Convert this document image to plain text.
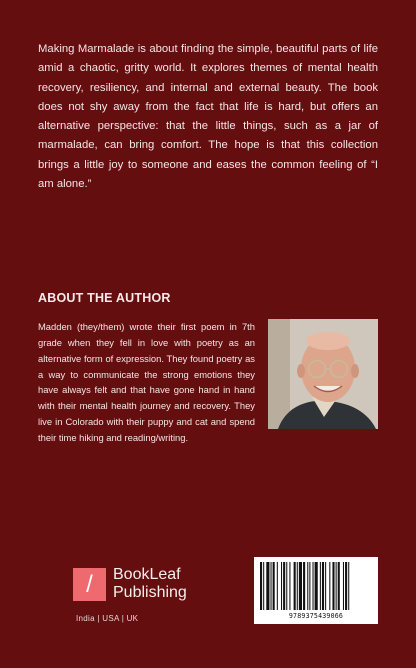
Making Marmalade is about finding the simple, beautiful parts of life amid a chaotic, gritty world. It explores themes of mental health recovery, resiliency, and internal and external beauty. The book does not shy away from the fact that life is hard, but offers an alternative perspective: that the little things, such as a jar of marmalade, can bring comfort. The hope is that this collection brings a little joy to someone and eases the common feeling of “I am alone.”

ABOUT THE AUTHOR

Madden (they/them) wrote their first poem in 7th grade when they fell in love with poetry as an alternative form of expression. They found poetry as a way to communicate the strong emotions they have always felt and that have gone hand in hand with their mental health journey and recovery. They live in Colorado with their puppy and cat and spend their time hiking and reading/writing.

/	BookLeaf
Publishing
India | USA | UK	9789375439066
